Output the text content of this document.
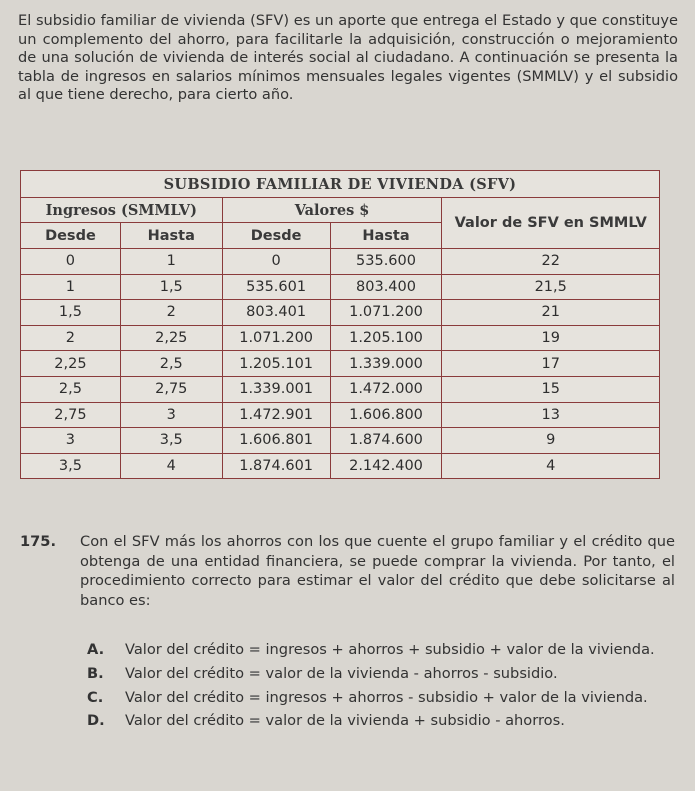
El subsidio familiar de vivienda (SFV) es un aporte que entrega el Estado y que constituye un complemento del ahorro, para facilitarle la adquisición, construcción o mejoramiento de una solución de vivienda de interés social al ciudadano. A continuación se presenta la tabla de ingresos en salarios mínimos mensuales legales vigentes (SMMLV) y el subsidio al que tiene derecho, para cierto año.
SUBSIDIO FAMILIAR DE VIVIENDA (SFV)				
Ingresos (SMMLV)		Valores $		Valor de SFV en SMMLV
Desde	Hasta	Desde	Hasta	
0	1	0	535.600	22
1	1,5	535.601	803.400	21,5
1,5	2	803.401	1.071.200	21
2	2,25	1.071.200	1.205.100	19
2,25	2,5	1.205.101	1.339.000	17
2,5	2,75	1.339.001	1.472.000	15
2,75	3	1.472.901	1.606.800	13
3	3,5	1.606.801	1.874.600	9
3,5	4	1.874.601	2.142.400	4
175. Con el SFV más los ahorros con los que cuente el grupo familiar y el crédito que obtenga de una entidad financiera, se puede comprar la vivienda. Por tanto, el procedimiento correcto para estimar el valor del crédito que debe solicitarse al banco es:
A. Valor del crédito = ingresos + ahorros + subsidio + valor de la vivienda.
B. Valor del crédito = valor de la vivienda - ahorros - subsidio.
C. Valor del crédito = ingresos + ahorros - subsidio + valor de la vivienda.
D. Valor del crédito = valor de la vivienda + subsidio - ahorros.
